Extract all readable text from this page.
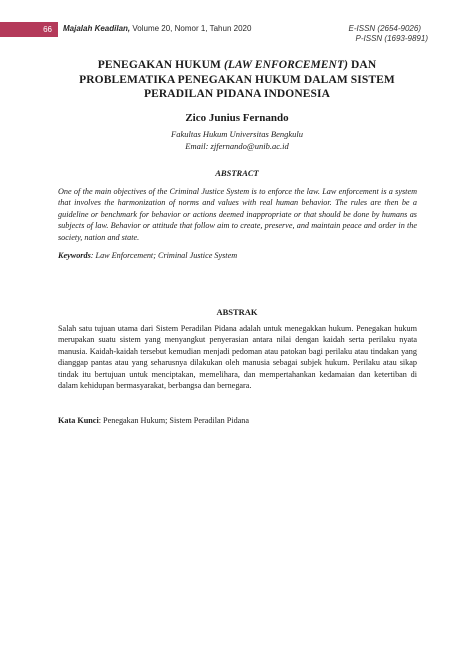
66	Majalah Keadilan, Volume 20, Nomor 1, Tahun 2020	E-ISSN (2654-9026)
P-ISSN (1693-9891)
PENEGAKAN HUKUM (LAW ENFORCEMENT) DAN PROBLEMATIKA PENEGAKAN HUKUM DALAM SISTEM PERADILAN PIDANA INDONESIA
Zico Junius Fernando
Fakultas Hukum Universitas Bengkulu
Email: zjfernando@unib.ac.id
ABSTRACT
One of the main objectives of the Criminal Justice System is to enforce the law. Law enforcement is a system that involves the harmonization of norms and values with real human behavior. The rules are then be a guideline or benchmark for behavior or actions deemed inappropriate or that should be done by humans as subjects of law. Behavior or attitude that follow aim to create, preserve, and maintain peace and order in the society, nation and state.
Keywords: Law Enforcement; Criminal Justice System
ABSTRAK
Salah satu tujuan utama dari Sistem Peradilan Pidana adalah untuk menegakkan hukum. Penegakan hukum merupakan suatu sistem yang menyangkut penyerasian antara nilai dengan kaidah serta perilaku nyata manusia. Kaidah-kaidah tersebut kemudian menjadi pedoman atau patokan bagi perilaku atau tindakan yang dianggap pantas atau yang seharusnya dilakukan oleh manusia sebagai subjek hukum. Perilaku atau sikap tindak itu bertujuan untuk menciptakan, memelihara, dan mempertahankan kedamaian dan ketertiban di dalam kehidupan bermasyarakat, berbangsa dan bernegara.
Kata Kunci: Penegakan Hukum; Sistem Peradilan Pidana
